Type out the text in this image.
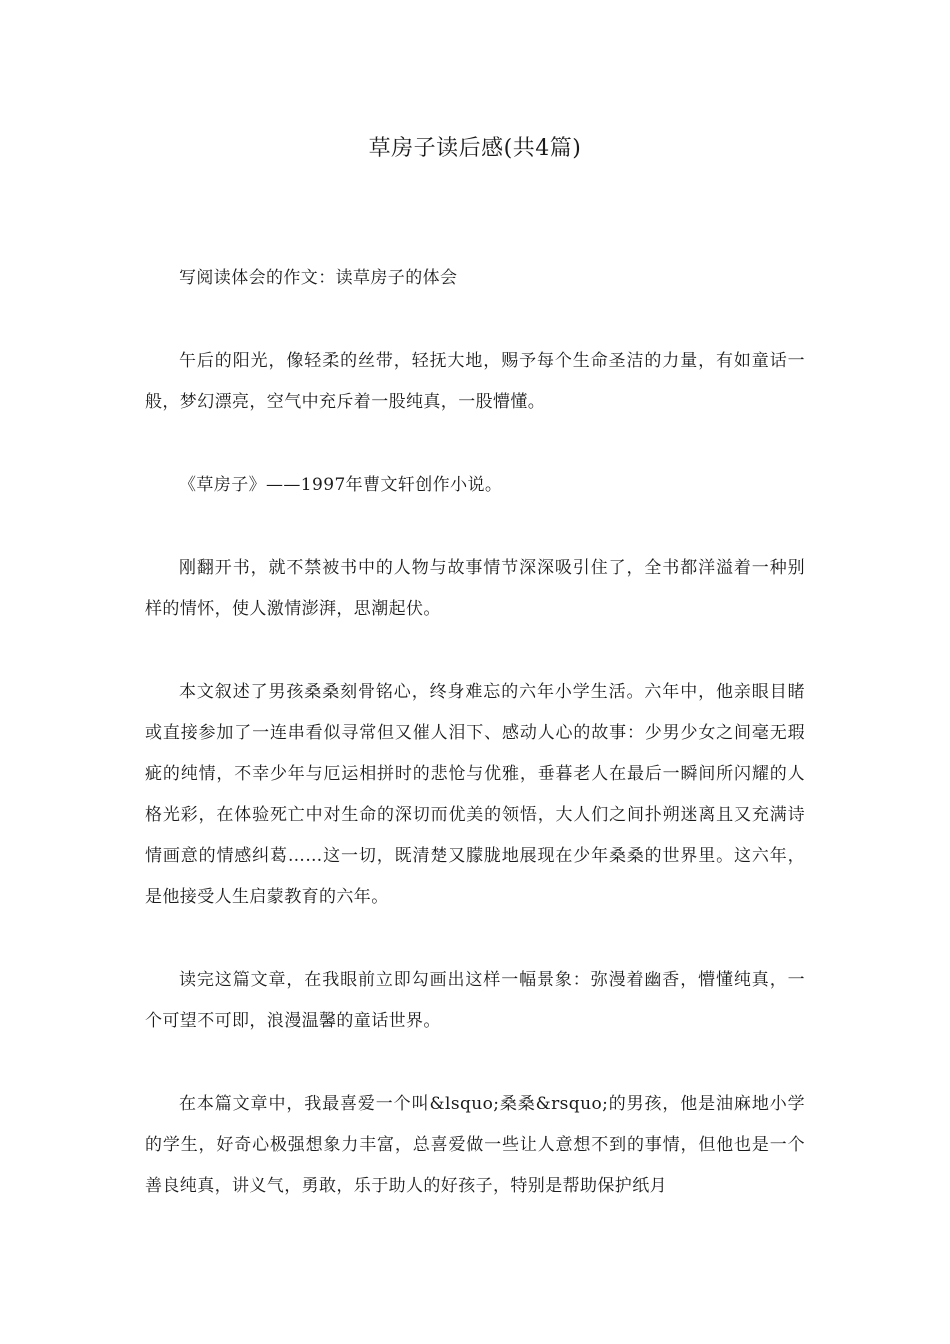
草房子读后感(共4篇)

写阅读体会的作文：读草房子的体会

午后的阳光，像轻柔的丝带，轻抚大地，赐予每个生命圣洁的力量，有如童话一般，梦幻漂亮，空气中充斥着一股纯真，一股懵懂。

《草房子》——1997年曹文轩创作小说。

刚翻开书，就不禁被书中的人物与故事情节深深吸引住了，全书都洋溢着一种别样的情怀，使人激情澎湃，思潮起伏。

本文叙述了男孩桑桑刻骨铭心，终身难忘的六年小学生活。六年中，他亲眼目睹或直接参加了一连串看似寻常但又催人泪下、感动人心的故事：少男少女之间毫无瑕疵的纯情，不幸少年与厄运相拼时的悲怆与优雅，垂暮老人在最后一瞬间所闪耀的人格光彩，在体验死亡中对生命的深切而优美的领悟，大人们之间扑朔迷离且又充满诗情画意的情感纠葛……这一切，既清楚又朦胧地展现在少年桑桑的世界里。这六年，是他接受人生启蒙教育的六年。

读完这篇文章，在我眼前立即勾画出这样一幅景象：弥漫着幽香，懵懂纯真，一个可望不可即，浪漫温馨的童话世界。

在本篇文章中，我最喜爱一个叫&lsquo;桑桑&rsquo;的男孩，他是油麻地小学的学生，好奇心极强想象力丰富，总喜爱做一些让人意想不到的事情，但他也是一个善良纯真，讲义气，勇敢，乐于助人的好孩子，特别是帮助保护纸月
